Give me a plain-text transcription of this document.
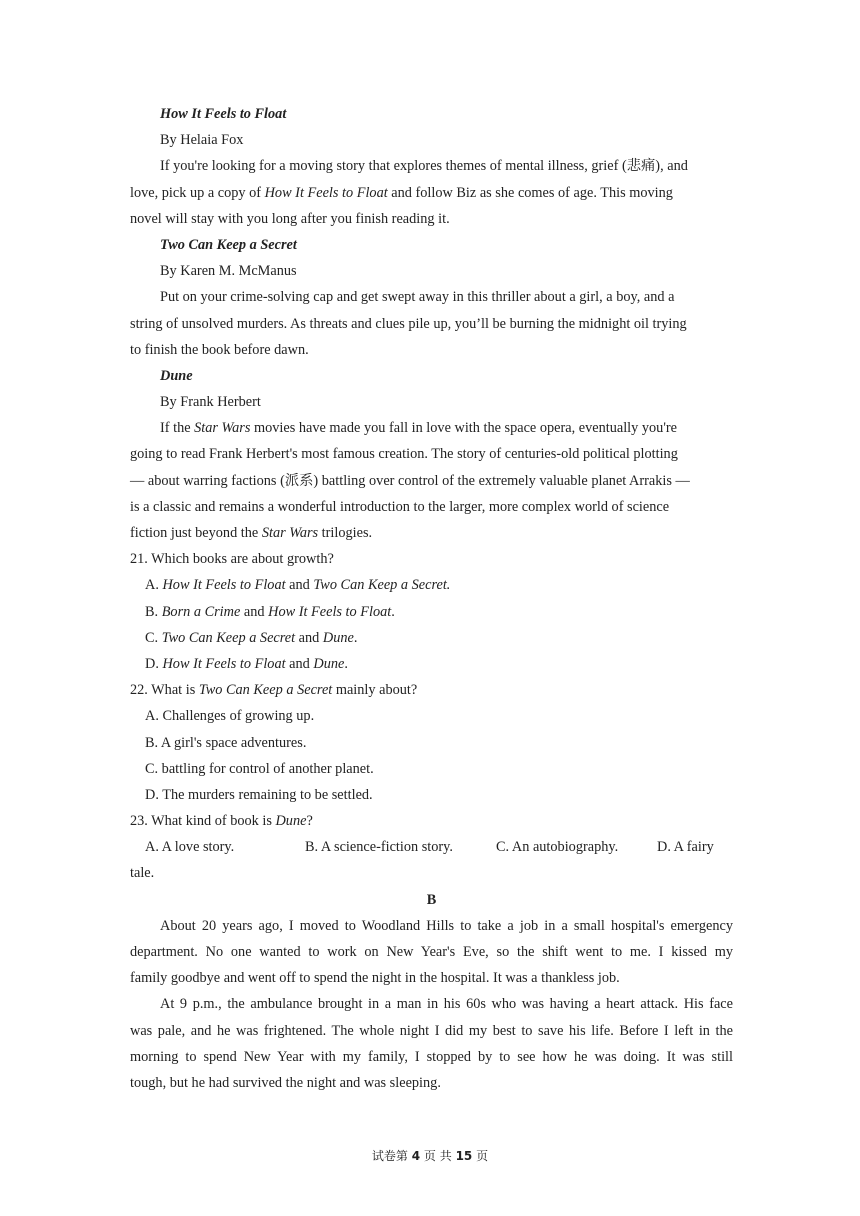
How It Feels to Float
By Helaia Fox
If you're looking for a moving story that explores themes of mental illness, grief (悲痛), and
love, pick up a copy of How It Feels to Float and follow Biz as she comes of age. This moving
novel will stay with you long after you finish reading it.
Two Can Keep a Secret
By Karen M. McManus
Put on your crime-solving cap and get swept away in this thriller about a girl, a boy, and a
string of unsolved murders. As threats and clues pile up, you’ll be burning the midnight oil trying
to finish the book before dawn.
Dune
By Frank Herbert
If the Star Wars movies have made you fall in love with the space opera, eventually you're
going to read Frank Herbert's most famous creation. The story of centuries-old political plotting
— about warring factions (派系) battling over control of the extremely valuable planet Arrakis —
is a classic and remains a wonderful introduction to the larger, more complex world of science
fiction just beyond the Star Wars trilogies.
21. Which books are about growth?
A. How It Feels to Float and Two Can Keep a Secret.
B. Born a Crime and How It Feels to Float.
C. Two Can Keep a Secret and Dune.
D. How It Feels to Float and Dune.
22. What is Two Can Keep a Secret mainly about?
A. Challenges of growing up.
B. A girl's space adventures.
C. battling for control of another planet.
D. The murders remaining to be settled.
23. What kind of book is Dune?
A. A love story.	B. A science-fiction story.	C. An autobiography.	D. A fairy
tale.
B
About 20 years ago, I moved to Woodland Hills to take a job in a small hospital's emergency
department. No one wanted to work on New Year's Eve, so the shift went to me. I kissed my
family goodbye and went off to spend the night in the hospital. It was a thankless job.
At 9 p.m., the ambulance brought in a man in his 60s who was having a heart attack. His face
was pale, and he was frightened. The whole night I did my best to save his life. Before I left in the
morning to spend New Year with my family, I stopped by to see how he was doing. It was still
tough, but he had survived the night and was sleeping.
试卷第 4 页 共 15 页
